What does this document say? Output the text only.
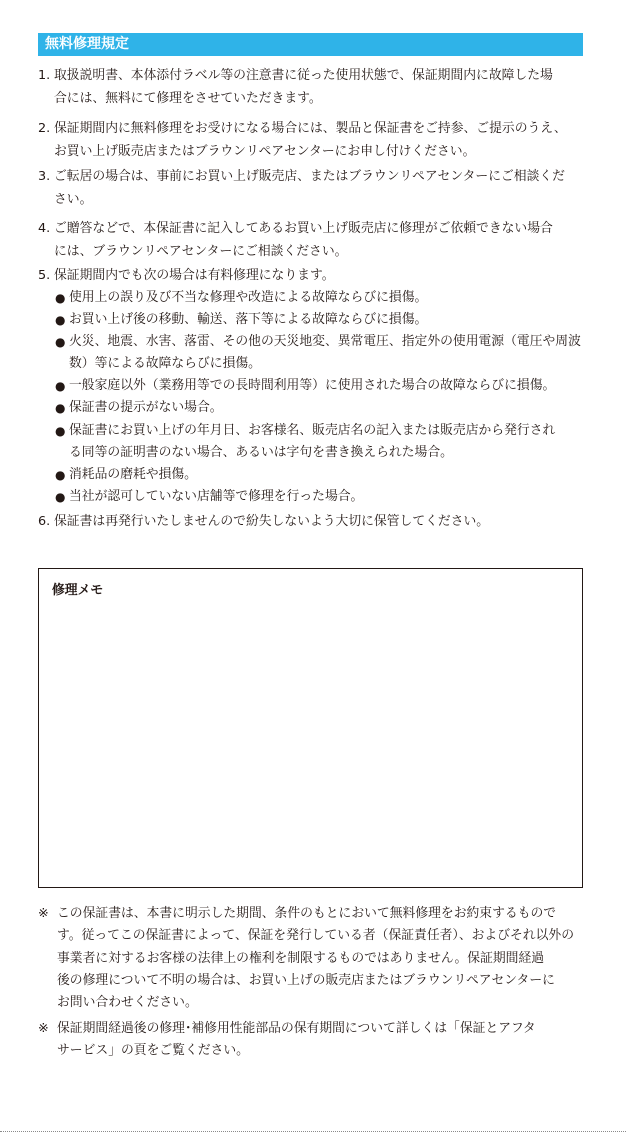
無料修理規定
1. 取扱説明書、本体添付ラベル等の注意書に従った使用状態で、保証期間内に故障した場
合には、無料にて修理をさせていただきます。
2. 保証期間内に無料修理をお受けになる場合には、製品と保証書をご持参、ご提示のうえ、
お買い上げ販売店またはブラウンリペアセンターにお申し付けください。
3. ご転居の場合は、事前にお買い上げ販売店、またはブラウンリペアセンターにご相談くだ
さい。
4. ご贈答などで、本保証書に記入してあるお買い上げ販売店に修理がご依頼できない場合
には、ブラウンリペアセンターにご相談ください。
5. 保証期間内でも次の場合は有料修理になります。
● 使用上の誤り及び不当な修理や改造による故障ならびに損傷。
● お買い上げ後の移動、輸送、落下等による故障ならびに損傷。
● 火災、地震、水害、落雷、その他の天災地変、異常電圧、指定外の使用電源（電圧や周波
数）等による故障ならびに損傷。
● 一般家庭以外（業務用等での長時間利用等）に使用された場合の故障ならびに損傷。
● 保証書の提示がない場合。
● 保証書にお買い上げの年月日、お客様名、販売店名の記入または販売店から発行され
る同等の証明書のない場合、あるいは字句を書き換えられた場合。
● 消耗品の磨耗や損傷。
● 当社が認可していない店舗等で修理を行った場合。
6. 保証書は再発行いたしませんので紛失しないよう大切に保管してください。
修理メモ
※ この保証書は、本書に明示した期間、条件のもとにおいて無料修理をお約束するもので
す。従ってこの保証書によって、保証を発行している者（保証責任者）、およびそれ以外の
事業者に対するお客様の法律上の権利を制限するものではありません。保証期間経過
後の修理について不明の場合は、お買い上げの販売店またはブラウンリペアセンターに
お問い合わせください。
※ 保証期間経過後の修理･補修用性能部品の保有期間について詳しくは「保証とアフタ
サービス」の頁をご覧ください。
